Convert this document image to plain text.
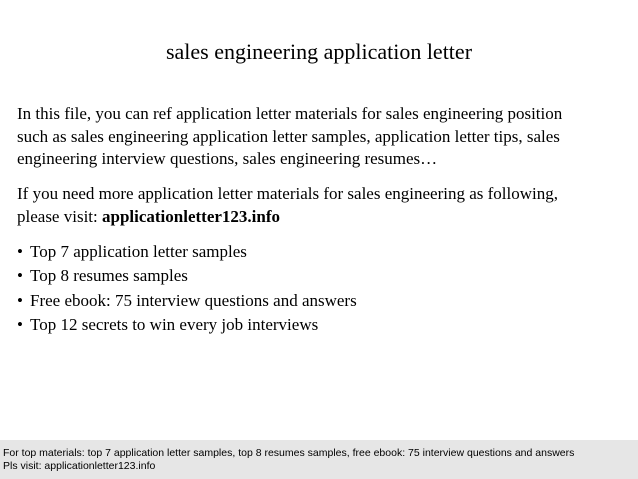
sales engineering application letter
In this file, you can ref application letter materials for sales engineering position
such as sales engineering application letter samples, application letter tips, sales
engineering interview questions, sales engineering resumes…
If you need more application letter materials for sales engineering as following,
please visit: applicationletter123.info
• Top 7 application letter samples
• Top 8 resumes samples
• Free ebook: 75 interview questions and answers
• Top 12 secrets to win every job interviews
For top materials: top 7 application letter samples, top 8 resumes samples, free ebook: 75 interview questions and answers
Pls visit: applicationletter123.info
